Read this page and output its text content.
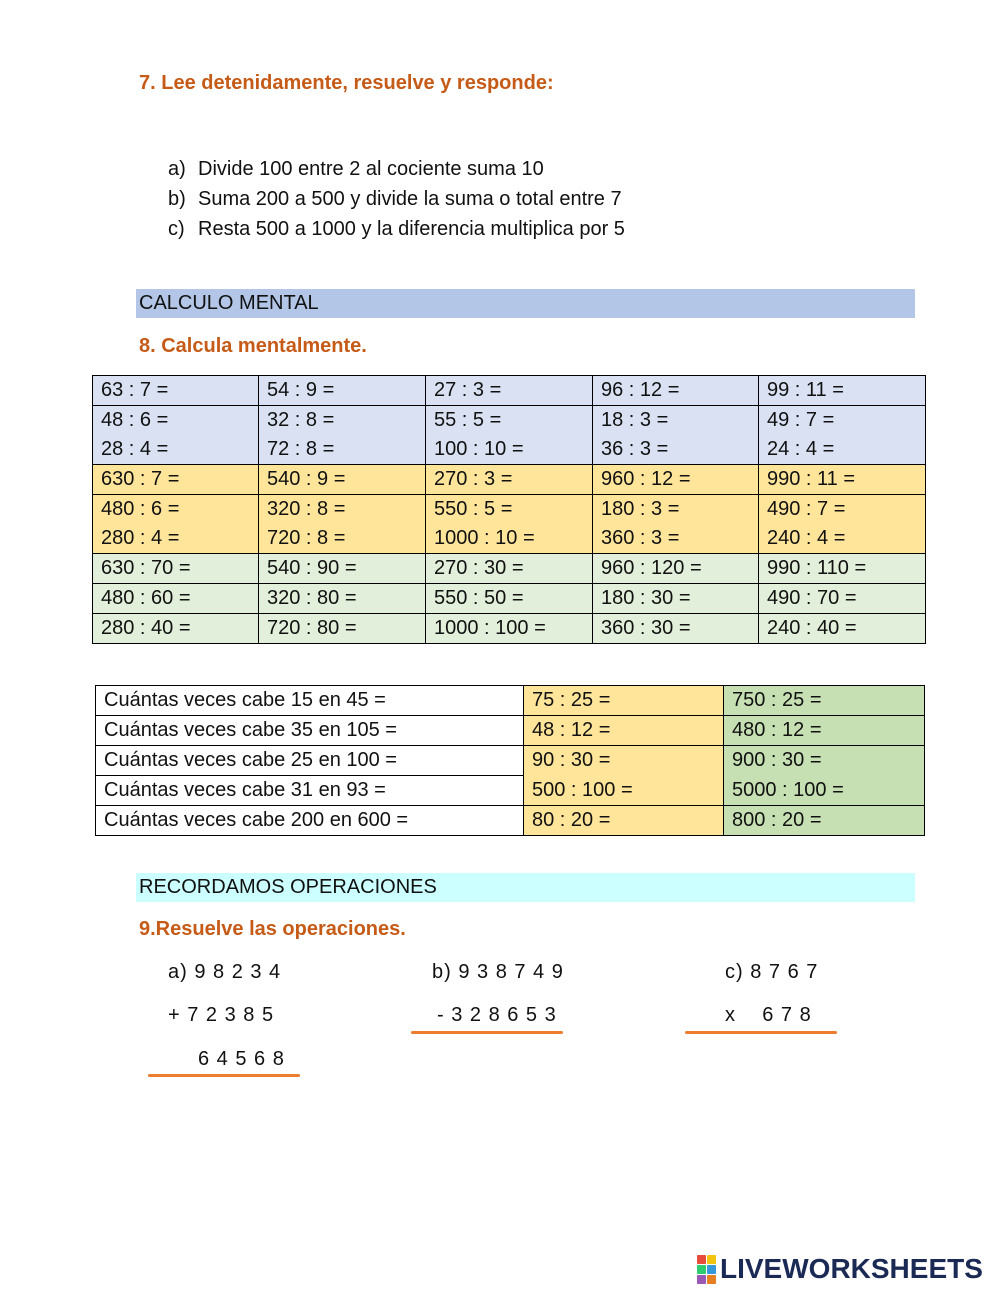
7. Lee detenidamente, resuelve y responde:
a) Divide 100 entre 2 al cociente suma 10
b) Suma 200 a 500 y divide la suma o total entre 7
c) Resta 500 a 1000 y la diferencia multiplica por 5
CALCULO MENTAL
8. Calcula mentalmente.
63 : 7 =	54 : 9 =	27 : 3 =	96 : 12 =	99 : 11 =
48 : 6 =	32 : 8 =	55 : 5 =	18 : 3 =	49 : 7 =
28 : 4 =	72 : 8 =	100 : 10 =	36 : 3 =	24 : 4 =
630 : 7 =	540 : 9 =	270 : 3 =	960 : 12 =	990 : 11 =
480 : 6 =	320 : 8 =	550 : 5 =	180 : 3 =	490 : 7 =
280 : 4 =	720 : 8 =	1000 : 10 =	360 : 3 =	240 : 4 =
630 : 70 =	540 : 90 =	270 : 30 =	960 : 120 =	990 : 110 =
480 : 60 =	320 : 80 =	550 : 50 =	180 : 30 =	490 : 70 =
280 : 40 =	720 : 80 =	1000 : 100 =	360 : 30 =	240 : 40 =
Cuántas veces cabe 15 en 45 =	75 : 25 =	750 : 25 =
Cuántas veces cabe 35 en 105 =	48 : 12 =	480 : 12 =
Cuántas veces cabe 25 en 100 =	90 : 30 =	900 : 30 =
Cuántas veces cabe 31 en 93 =	500 : 100 =	5000 : 100 =
Cuántas veces cabe 200 en 600 =	80 : 20 =	800 : 20 =
RECORDAMOS OPERACIONES
9.Resuelve las operaciones.
a) 9 8 2 3 4
+ 7 2 3 8 5
6 4 5 6 8
b) 9 3 8 7 4 9
- 3 2 8 6 5 3
c) 8 7 6 7
x    6 7 8
LIVEWORKSHEETS
